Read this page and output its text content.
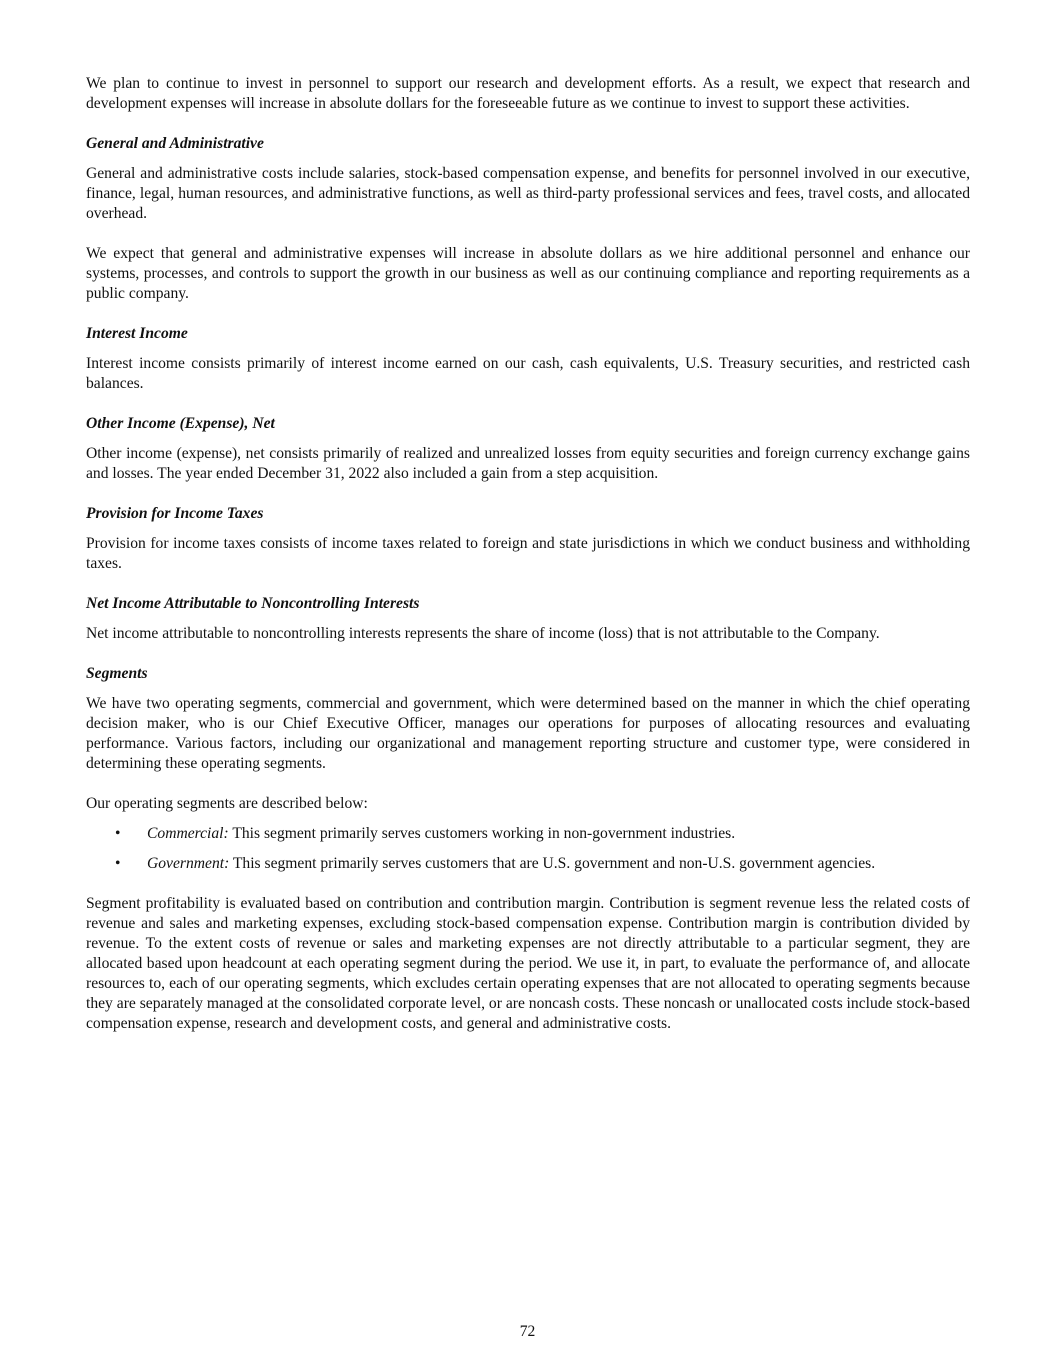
We plan to continue to invest in personnel to support our research and development efforts. As a result, we expect that research and development expenses will increase in absolute dollars for the foreseeable future as we continue to invest to support these activities.

General and Administrative

General and administrative costs include salaries, stock-based compensation expense, and benefits for personnel involved in our executive, finance, legal, human resources, and administrative functions, as well as third-party professional services and fees, travel costs, and allocated overhead.

We expect that general and administrative expenses will increase in absolute dollars as we hire additional personnel and enhance our systems, processes, and controls to support the growth in our business as well as our continuing compliance and reporting requirements as a public company.

Interest Income

Interest income consists primarily of interest income earned on our cash, cash equivalents, U.S. Treasury securities, and restricted cash balances.

Other Income (Expense), Net

Other income (expense), net consists primarily of realized and unrealized losses from equity securities and foreign currency exchange gains and losses. The year ended December 31, 2022 also included a gain from a step acquisition.

Provision for Income Taxes

Provision for income taxes consists of income taxes related to foreign and state jurisdictions in which we conduct business and withholding taxes.

Net Income Attributable to Noncontrolling Interests

Net income attributable to noncontrolling interests represents the share of income (loss) that is not attributable to the Company.

Segments

We have two operating segments, commercial and government, which were determined based on the manner in which the chief operating decision maker, who is our Chief Executive Officer, manages our operations for purposes of allocating resources and evaluating performance. Various factors, including our organizational and management reporting structure and customer type, were considered in determining these operating segments.

Our operating segments are described below:

• Commercial: This segment primarily serves customers working in non-government industries.
• Government: This segment primarily serves customers that are U.S. government and non-U.S. government agencies.

Segment profitability is evaluated based on contribution and contribution margin. Contribution is segment revenue less the related costs of revenue and sales and marketing expenses, excluding stock-based compensation expense. Contribution margin is contribution divided by revenue. To the extent costs of revenue or sales and marketing expenses are not directly attributable to a particular segment, they are allocated based upon headcount at each operating segment during the period. We use it, in part, to evaluate the performance of, and allocate resources to, each of our operating segments, which excludes certain operating expenses that are not allocated to operating segments because they are separately managed at the consolidated corporate level, or are noncash costs. These noncash or unallocated costs include stock-based compensation expense, research and development costs, and general and administrative costs.

72
